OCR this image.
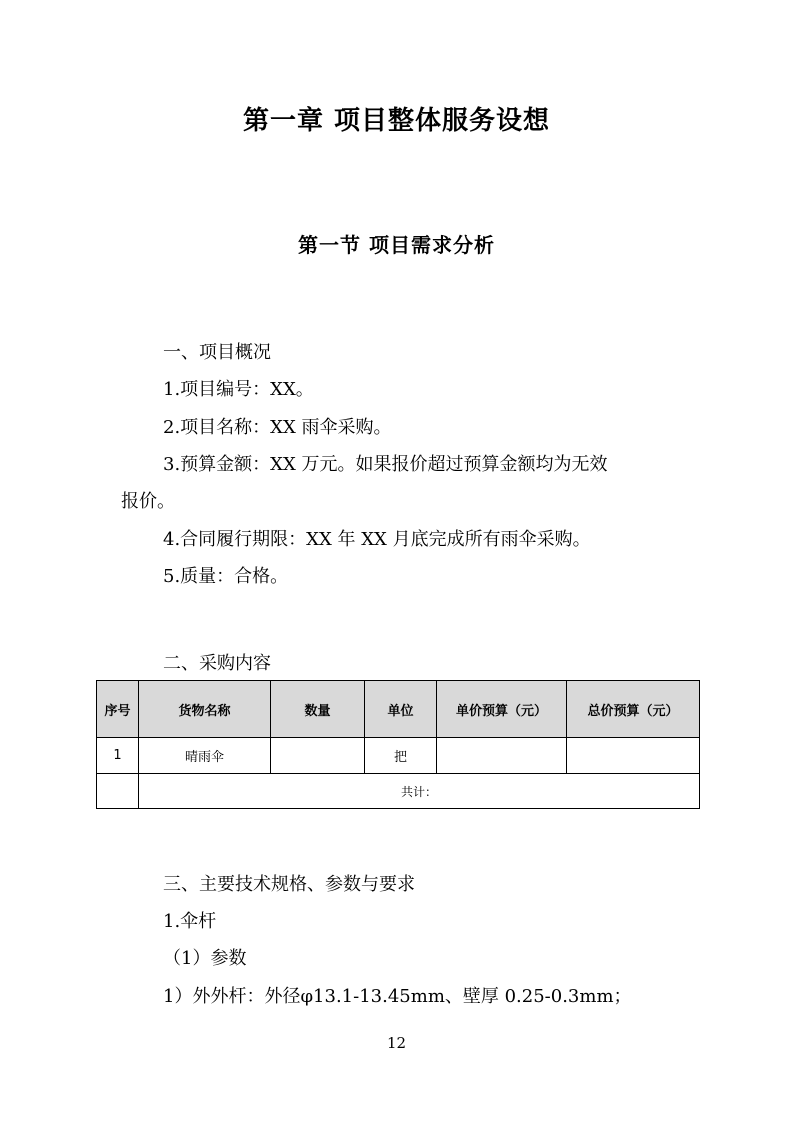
第一章 项目整体服务设想
第一节 项目需求分析
一、项目概况
1.项目编号：XX。
2.项目名称：XX 雨伞采购。
3.预算金额：XX 万元。如果报价超过预算金额均为无效
报价。
4.合同履行期限：XX 年 XX 月底完成所有雨伞采购。
5.质量：合格。
二、采购内容
序号	货物名称	数量	单位	单价预算（元）	总价预算（元）
1	晴雨伞		把		
	共计：				
三、主要技术规格、参数与要求
1.伞杆
（1）参数
1）外外杆：外径φ13.1-13.45mm、壁厚 0.25-0.3mm；
12
